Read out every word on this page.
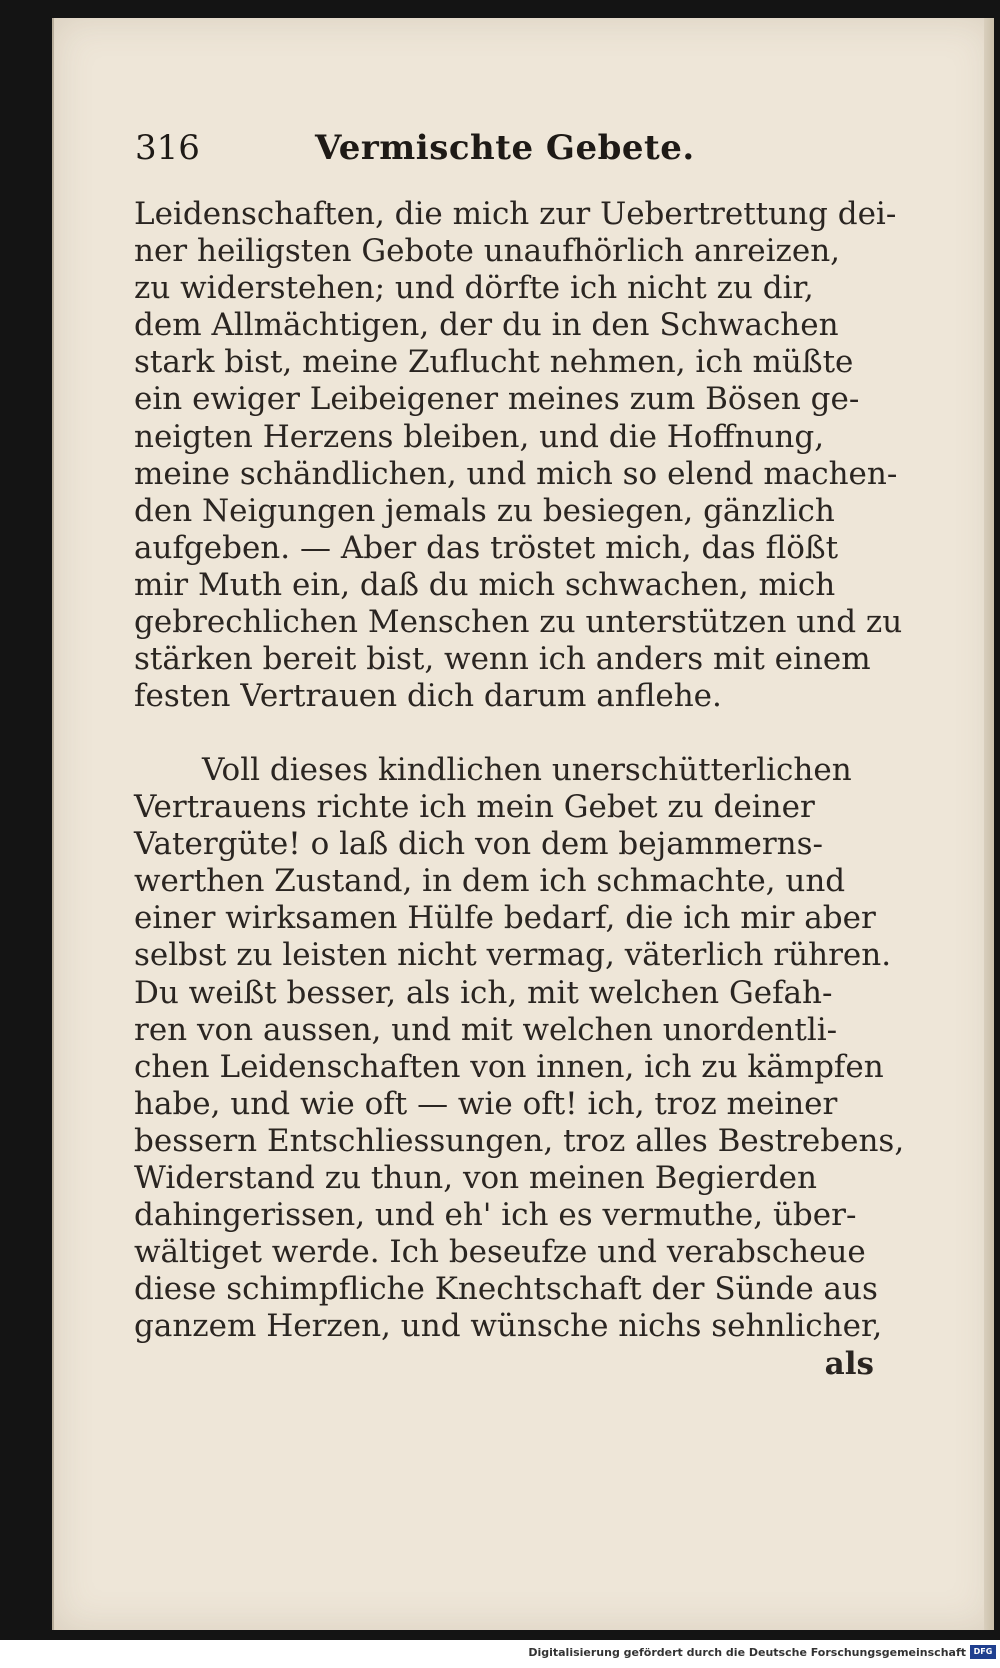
316	Vermischte Gebete.
Leidenschaften, die mich zur Uebertrettung dei-
ner heiligsten Gebote unaufhörlich anreizen,
zu widerstehen; und dörfte ich nicht zu dir,
dem Allmächtigen, der du in den Schwachen
stark bist, meine Zuflucht nehmen, ich müßte
ein ewiger Leibeigener meines zum Bösen ge-
neigten Herzens bleiben, und die Hoffnung,
meine schändlichen, und mich so elend machen-
den Neigungen jemals zu besiegen, gänzlich
aufgeben. — Aber das tröstet mich, das flößt
mir Muth ein, daß du mich schwachen, mich
gebrechlichen Menschen zu unterstützen und zu
stärken bereit bist, wenn ich anders mit einem
festen Vertrauen dich darum anflehe.
Voll dieses kindlichen unerschütterlichen
Vertrauens richte ich mein Gebet zu deiner
Vatergüte! o laß dich von dem bejammerns-
werthen Zustand, in dem ich schmachte, und
einer wirksamen Hülfe bedarf, die ich mir aber
selbst zu leisten nicht vermag, väterlich rühren.
Du weißt besser, als ich, mit welchen Gefah-
ren von aussen, und mit welchen unordentli-
chen Leidenschaften von innen, ich zu kämpfen
habe, und wie oft — wie oft! ich, troz meiner
bessern Entschliessungen, troz alles Bestrebens,
Widerstand zu thun, von meinen Begierden
dahingerissen, und eh' ich es vermuthe, über-
wältiget werde. Ich beseufze und verabscheue
diese schimpfliche Knechtschaft der Sünde aus
ganzem Herzen, und wünsche nichs sehnlicher,
als
Digitalisierung gefördert durch die Deutsche Forschungsgemeinschaft DFG
